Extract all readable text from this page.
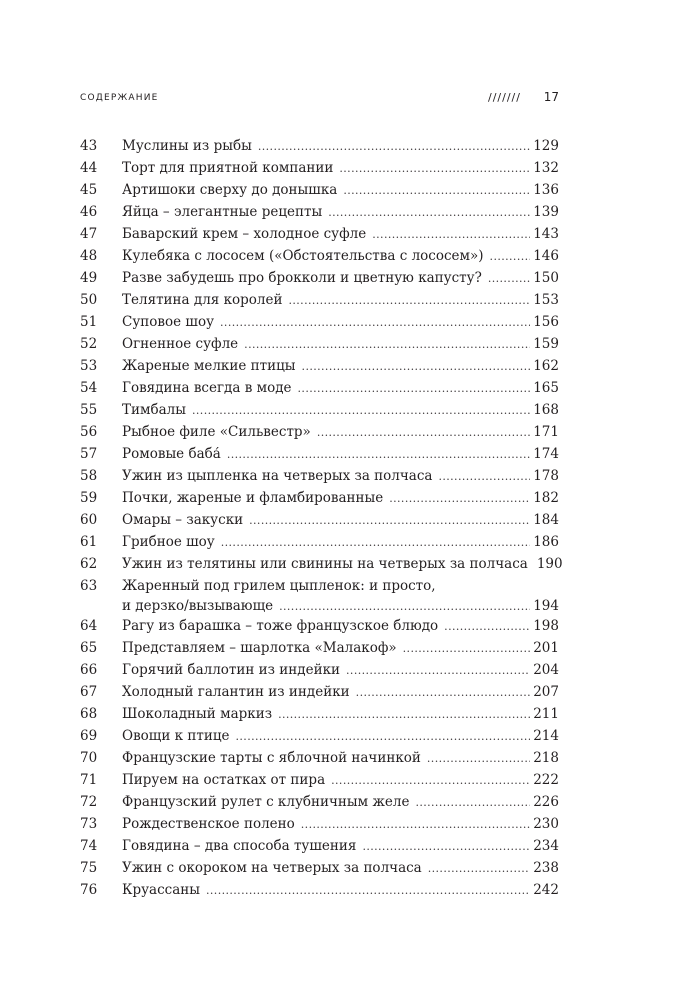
СОДЕРЖАНИЕ	/////// 17
43	Муслины из рыбы .....	129
44	Торт для приятной компании .....	132
45	Артишоки сверху до донышка .....	136
46	Яйца – элегантные рецепты .....	139
47	Баварский крем – холодное суфле .....	143
48	Кулебяка с лососем («Обстоятельства с лососем») .....	146
49	Разве забудешь про брокколи и цветную капусту? .....	150
50	Телятина для королей .....	153
51	Суповое шоу .....	156
52	Огненное суфле .....	159
53	Жареные мелкие птицы .....	162
54	Говядина всегда в моде .....	165
55	Тимбалы .....	168
56	Рыбное филе «Сильвестр» .....	171
57	Ромовые баба́ .....	174
58	Ужин из цыпленка на четверых за полчаса .....	178
59	Почки, жареные и фламбированные .....	182
60	Омары – закуски .....	184
61	Грибное шоу .....	186
62	Ужин из телятины или свинины на четверых за полчаса 190
63	Жаренный под грилем цыпленок: и просто,
и дерзко/вызывающе .....	194
64	Рагу из барашка – тоже французское блюдо .....	198
65	Представляем – шарлотка «Малакоф» .....	201
66	Горячий баллотин из индейки .....	204
67	Холодный галантин из индейки .....	207
68	Шоколадный маркиз .....	211
69	Овощи к птице .....	214
70	Французские тарты с яблочной начинкой .....	218
71	Пируем на остатках от пира .....	222
72	Французский рулет с клубничным желе .....	226
73	Рождественское полено .....	230
74	Говядина – два способа тушения .....	234
75	Ужин с окороком на четверых за полчаса .....	238
76	Круассаны .....	242
